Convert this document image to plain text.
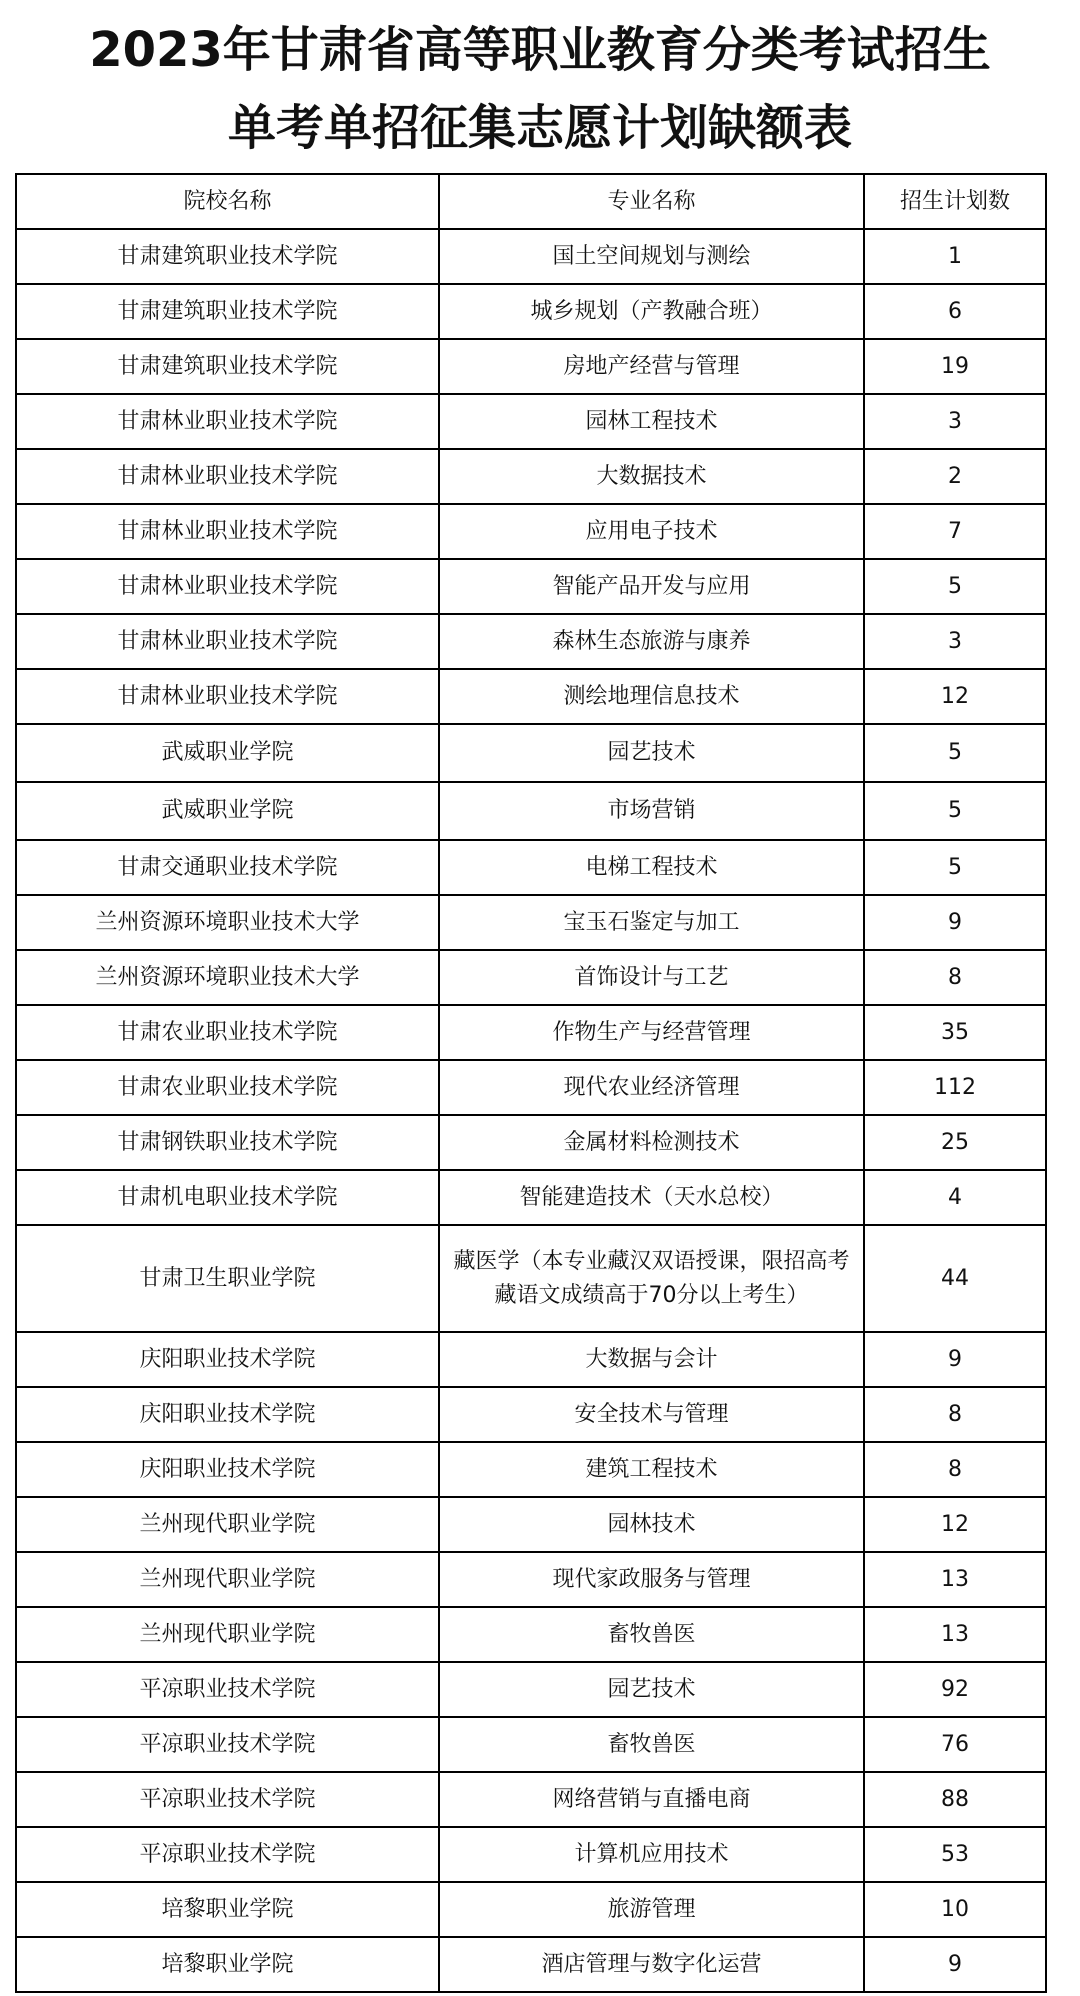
2023年甘肃省高等职业教育分类考试招生
单考单招征集志愿计划缺额表
院校名称	专业名称	招生计划数
甘肃建筑职业技术学院	国土空间规划与测绘	1
甘肃建筑职业技术学院	城乡规划（产教融合班）	6
甘肃建筑职业技术学院	房地产经营与管理	19
甘肃林业职业技术学院	园林工程技术	3
甘肃林业职业技术学院	大数据技术	2
甘肃林业职业技术学院	应用电子技术	7
甘肃林业职业技术学院	智能产品开发与应用	5
甘肃林业职业技术学院	森林生态旅游与康养	3
甘肃林业职业技术学院	测绘地理信息技术	12
武威职业学院	园艺技术	5
武威职业学院	市场营销	5
甘肃交通职业技术学院	电梯工程技术	5
兰州资源环境职业技术大学	宝玉石鉴定与加工	9
兰州资源环境职业技术大学	首饰设计与工艺	8
甘肃农业职业技术学院	作物生产与经营管理	35
甘肃农业职业技术学院	现代农业经济管理	112
甘肃钢铁职业技术学院	金属材料检测技术	25
甘肃机电职业技术学院	智能建造技术（天水总校）	4
甘肃卫生职业学院	藏医学（本专业藏汉双语授课，限招高考藏语文成绩高于70分以上考生）	44
庆阳职业技术学院	大数据与会计	9
庆阳职业技术学院	安全技术与管理	8
庆阳职业技术学院	建筑工程技术	8
兰州现代职业学院	园林技术	12
兰州现代职业学院	现代家政服务与管理	13
兰州现代职业学院	畜牧兽医	13
平凉职业技术学院	园艺技术	92
平凉职业技术学院	畜牧兽医	76
平凉职业技术学院	网络营销与直播电商	88
平凉职业技术学院	计算机应用技术	53
培黎职业学院	旅游管理	10
培黎职业学院	酒店管理与数字化运营	9
